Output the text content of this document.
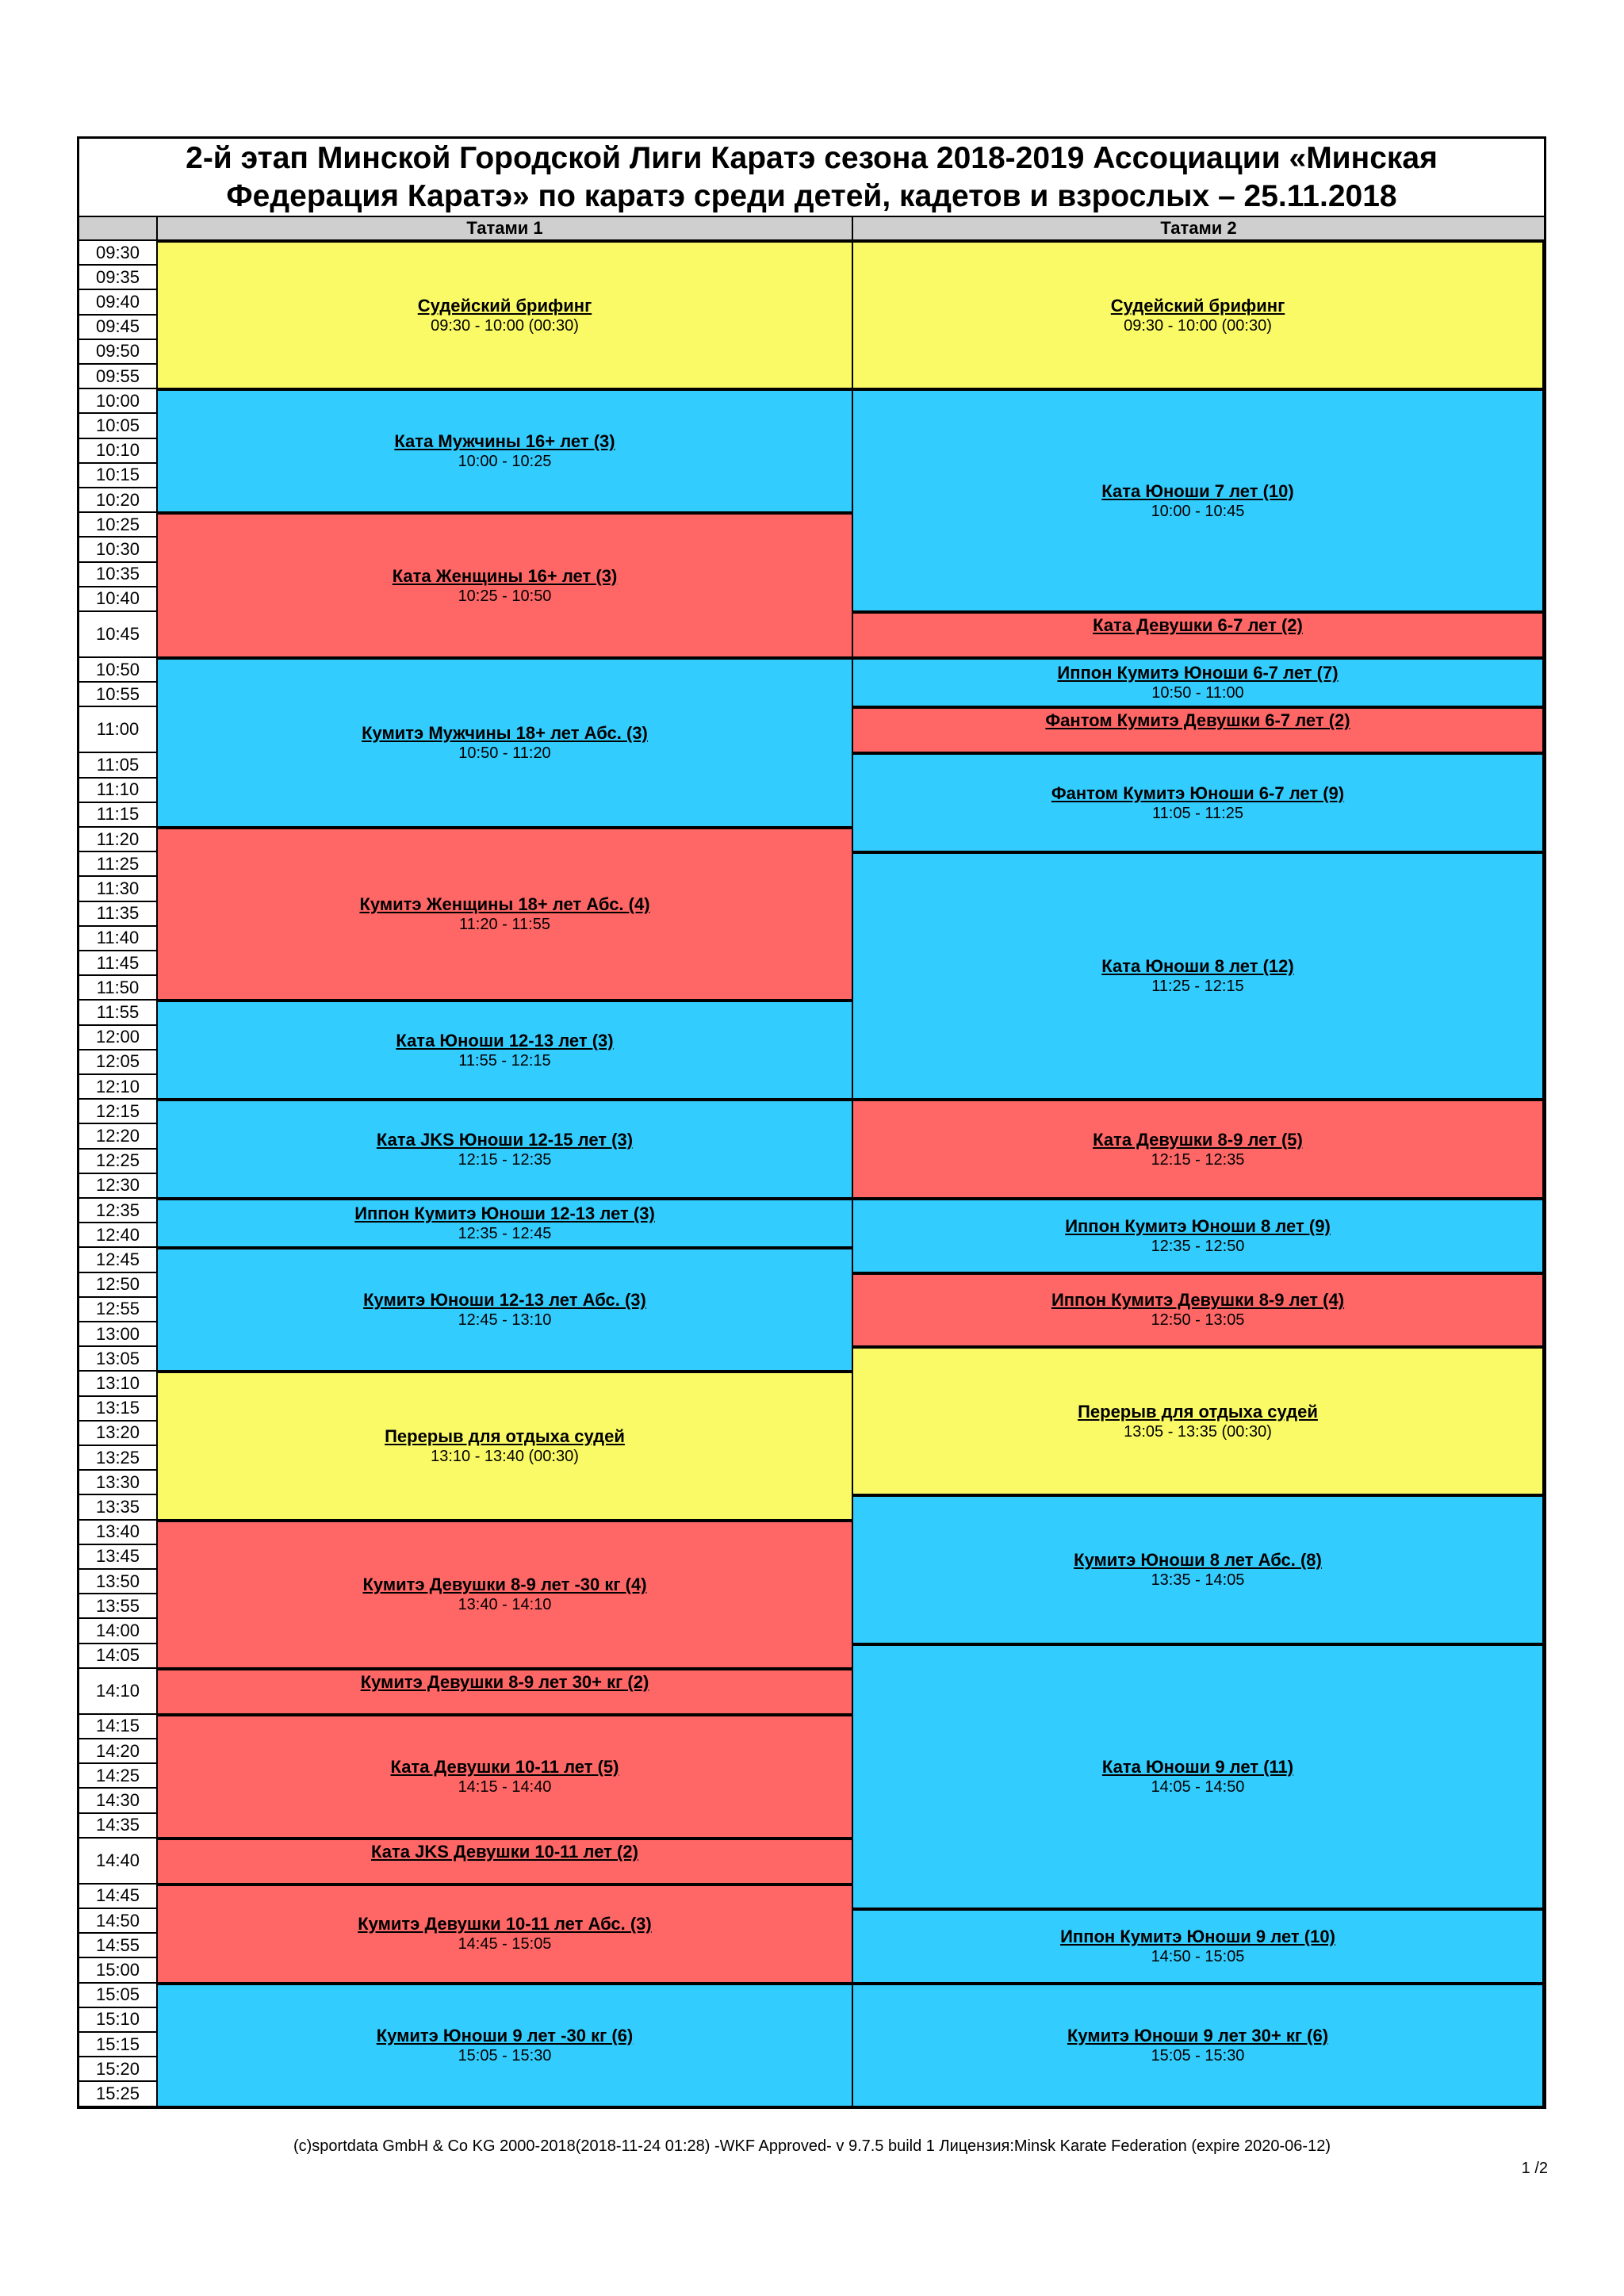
2-й этап Минской Городской Лиги Каратэ сезона 2018-2019 Ассоциации «Минская
Федерация Каратэ» по каратэ среди детей, кадетов и взрослых – 25.11.2018
Татами 1	Татами 2
09:30
09:35
09:40
09:45
09:50
09:55
10:00
10:05
10:10
10:15
10:20
10:25
10:30
10:35
10:40
10:45
10:50
10:55
11:00
11:05
11:10
11:15
11:20
11:25
11:30
11:35
11:40
11:45
11:50
11:55
12:00
12:05
12:10
12:15
12:20
12:25
12:30
12:35
12:40
12:45
12:50
12:55
13:00
13:05
13:10
13:15
13:20
13:25
13:30
13:35
13:40
13:45
13:50
13:55
14:00
14:05
14:10
14:15
14:20
14:25
14:30
14:35
14:40
14:45
14:50
14:55
15:00
15:05
15:10
15:15
15:20
15:25
Судейский брифинг
09:30 - 10:00 (00:30)
Ката Мужчины 16+ лет (3)
10:00 - 10:25
Ката Женщины 16+ лет (3)
10:25 - 10:50
Кумитэ Мужчины 18+ лет Абс. (3)
10:50 - 11:20
Кумитэ Женщины 18+ лет Абс. (4)
11:20 - 11:55
Ката Юноши 12-13 лет (3)
11:55 - 12:15
Ката JKS Юноши 12-15 лет (3)
12:15 - 12:35
Иппон Кумитэ Юноши 12-13 лет (3)
12:35 - 12:45
Кумитэ Юноши 12-13 лет Абс. (3)
12:45 - 13:10
Перерыв для отдыха судей
13:10 - 13:40 (00:30)
Кумитэ Девушки 8-9 лет -30 кг (4)
13:40 - 14:10
Кумитэ Девушки 8-9 лет 30+ кг (2)
Ката Девушки 10-11 лет (5)
14:15 - 14:40
Ката JKS Девушки 10-11 лет (2)
Кумитэ Девушки 10-11 лет Абс. (3)
14:45 - 15:05
Кумитэ Юноши 9 лет -30 кг (6)
15:05 - 15:30
Судейский брифинг
09:30 - 10:00 (00:30)
Ката Юноши 7 лет (10)
10:00 - 10:45
Ката Девушки 6-7 лет (2)
Иппон Кумитэ Юноши 6-7 лет (7)
10:50 - 11:00
Фантом Кумитэ Девушки 6-7 лет (2)
Фантом Кумитэ Юноши 6-7 лет (9)
11:05 - 11:25
Ката Юноши 8 лет (12)
11:25 - 12:15
Ката Девушки 8-9 лет (5)
12:15 - 12:35
Иппон Кумитэ Юноши 8 лет (9)
12:35 - 12:50
Иппон Кумитэ Девушки 8-9 лет (4)
12:50 - 13:05
Перерыв для отдыха судей
13:05 - 13:35 (00:30)
Кумитэ Юноши 8 лет Абс. (8)
13:35 - 14:05
Ката Юноши 9 лет (11)
14:05 - 14:50
Иппон Кумитэ Юноши 9 лет (10)
14:50 - 15:05
Кумитэ Юноши 9 лет 30+ кг (6)
15:05 - 15:30
(c)sportdata GmbH & Co KG 2000-2018(2018-11-24 01:28) -WKF Approved- v 9.7.5 build 1 Лицензия:Minsk Karate Federation (expire 2020-06-12)
1 /2
